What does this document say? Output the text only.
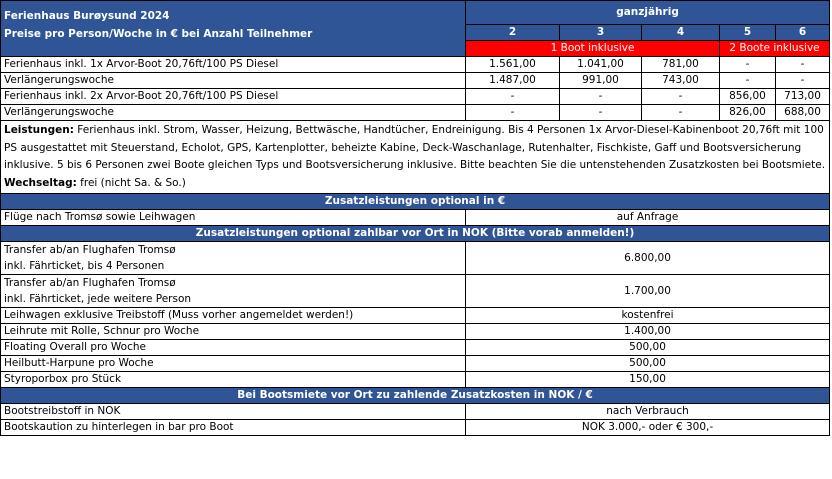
Ferienhaus Burøysund 2024
Preise pro Person/Woche in € bei Anzahl Teilnehmer	ganzjährig				
	2	3	4	5	6
	1 Boot inklusive			2 Boote inklusive	
Ferienhaus inkl. 1x Arvor-Boot 20,76ft/100 PS Diesel	1.561,00	1.041,00	781,00	-	-
Verlängerungswoche	1.487,00	991,00	743,00	-	-
Ferienhaus inkl. 2x Arvor-Boot 20,76ft/100 PS Diesel	-	-	-	856,00	713,00
Verlängerungswoche	-	-	-	826,00	688,00
Leistungen: Ferienhaus inkl. Strom, Wasser, Heizung, Bettwäsche, Handtücher, Endreinigung. Bis 4 Personen 1x Arvor-Diesel-Kabinenboot 20,76ft mit 100 PS ausgestattet mit Steuerstand, Echolot, GPS, Kartenplotter, beheizte Kabine, Deck-Waschanlage, Rutenhalter, Fischkiste, Gaff und Bootsversicherung inklusive. 5 bis 6 Personen zwei Boote gleichen Typs und Bootsversicherung inklusive. Bitte beachten Sie die untenstehenden Zusatzkosten bei Bootsmiete.
Wechseltag: frei (nicht Sa. & So.)					
Zusatzleistungen optional in €					
Flüge nach Tromsø sowie Leihwagen	auf Anfrage				
Zusatzleistungen optional zahlbar vor Ort in NOK (Bitte vorab anmelden!)					

Transfer ab/an Flughafen Tromsø
inkl. Fährticket, bis 4 Personen	6.800,00				

Transfer ab/an Flughafen Tromsø
inkl. Fährticket, jede weitere Person	1.700,00				
Leihwagen exklusive Treibstoff (Muss vorher angemeldet werden!)	kostenfrei				
Leihrute mit Rolle, Schnur pro Woche	1.400,00				
Floating Overall pro Woche	500,00				
Heilbutt-Harpune pro Woche	500,00				
Styroporbox pro Stück	150,00				
Bei Bootsmiete vor Ort zu zahlende Zusatzkosten in NOK / €					
Bootstreibstoff in NOK	nach Verbrauch				
Bootskaution zu hinterlegen in bar pro Boot	NOK 3.000,- oder € 300,-				
